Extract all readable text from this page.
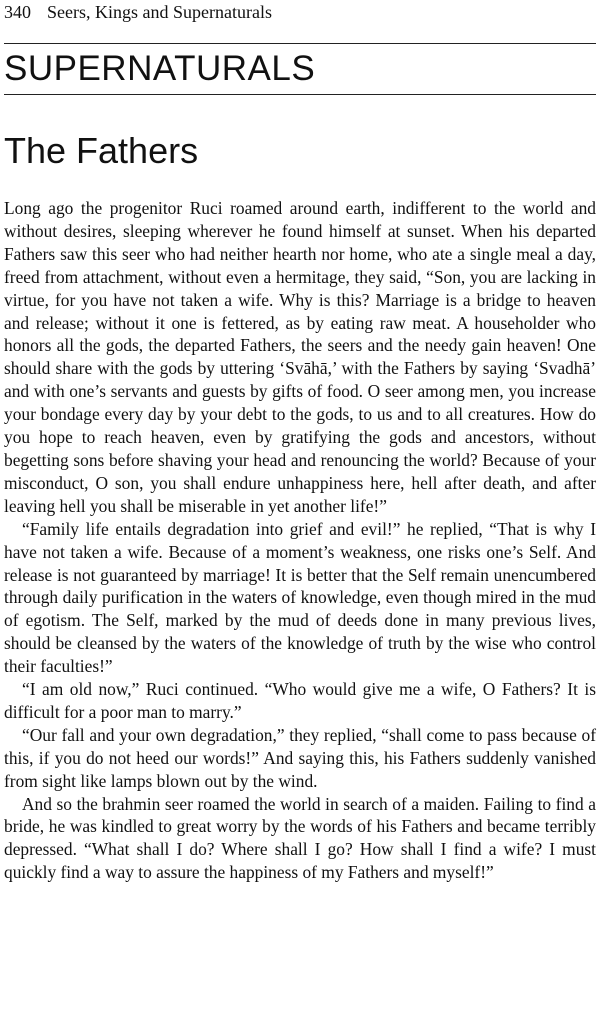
340 Seers, Kings and Supernaturals
SUPERNATURALS
The Fathers

Long ago the progenitor Ruci roamed around earth, indifferent to the world and without desires, sleeping wherever he found himself at sunset. When his departed Fathers saw this seer who had neither hearth nor home, who ate a single meal a day, freed from attachment, without even a hermitage, they said, “Son, you are lacking in virtue, for you have not taken a wife. Why is this? Marriage is a bridge to heaven and release; without it one is fettered, as by eating raw meat. A householder who honors all the gods, the departed Fathers, the seers and the needy gain heaven! One should share with the gods by uttering ‘Svāhā,’ with the Fathers by saying ‘Svadhā’ and with one’s servants and guests by gifts of food. O seer among men, you increase your bondage every day by your debt to the gods, to us and to all creatures. How do you hope to reach heaven, even by gratifying the gods and ancestors, without begetting sons before shaving your head and renouncing the world? Because of your misconduct, O son, you shall endure unhappiness here, hell after death, and after leaving hell you shall be miserable in yet another life!”

“Family life entails degradation into grief and evil!” he replied, “That is why I have not taken a wife. Because of a moment’s weakness, one risks one’s Self. And release is not guaranteed by marriage! It is better that the Self remain unencumbered through daily purification in the waters of knowledge, even though mired in the mud of egotism. The Self, marked by the mud of deeds done in many previous lives, should be cleansed by the waters of the knowledge of truth by the wise who control their faculties!”

“I am old now,” Ruci continued. “Who would give me a wife, O Fathers? It is difficult for a poor man to marry.”

“Our fall and your own degradation,” they replied, “shall come to pass because of this, if you do not heed our words!” And saying this, his Fathers suddenly vanished from sight like lamps blown out by the wind.

And so the brahmin seer roamed the world in search of a maiden. Failing to find a bride, he was kindled to great worry by the words of his Fathers and became terribly depressed. “What shall I do? Where shall I go? How shall I find a wife? I must quickly find a way to assure the happiness of my Fathers and myself!”
